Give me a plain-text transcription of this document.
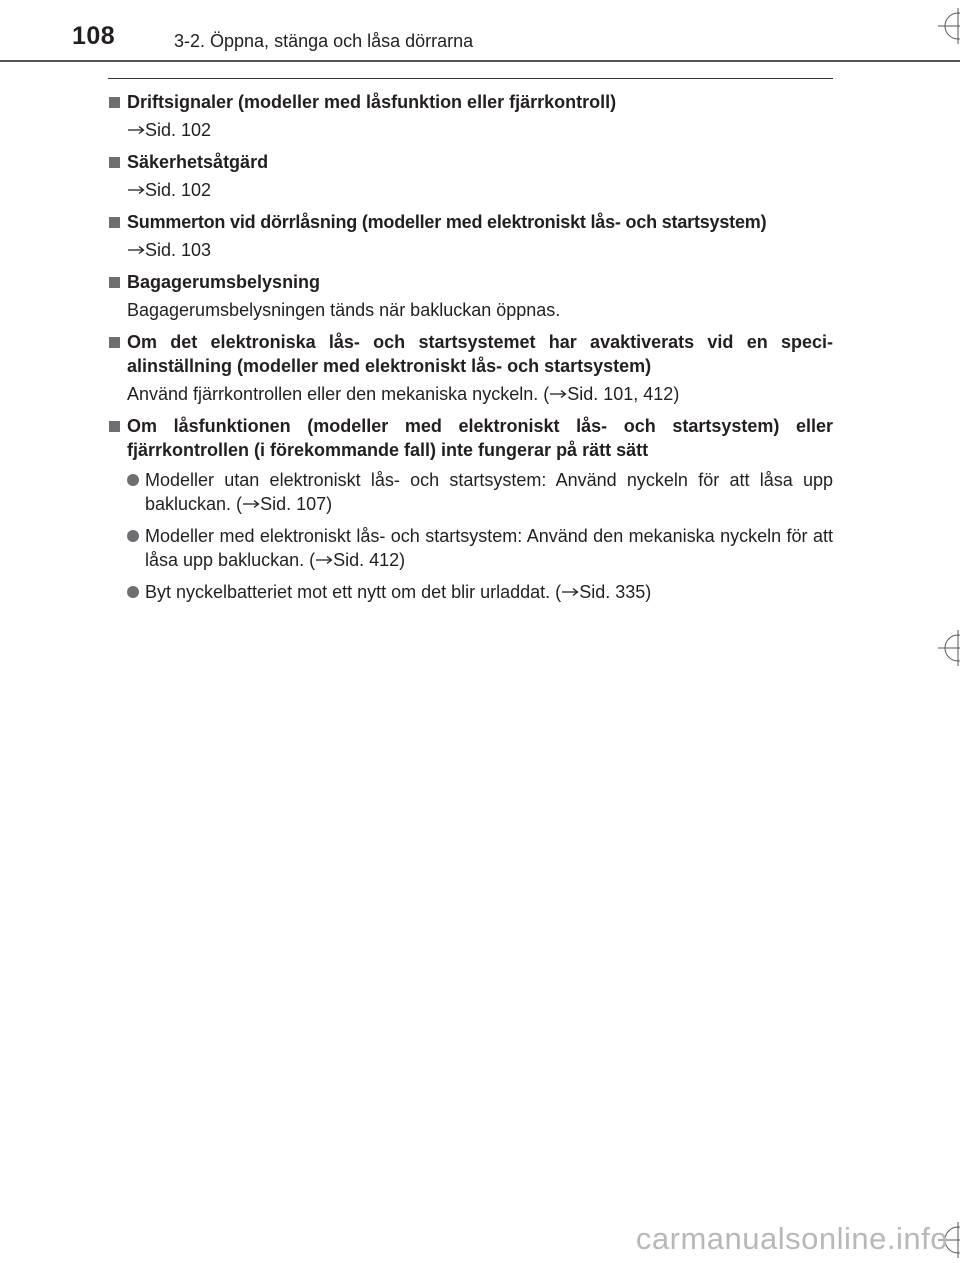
108	3-2. Öppna, stänga och låsa dörrarna
Driftsignaler (modeller med låsfunktion eller fjärrkontroll)
Sid. 102
Säkerhetsåtgärd
Sid. 102
Summerton vid dörrlåsning (modeller med elektroniskt lås- och startsystem)
Sid. 103
Bagagerumsbelysning
Bagagerumsbelysningen tänds när bakluckan öppnas.
Om det elektroniska lås- och startsystemet har avaktiverats vid en speci-alinställning (modeller med elektroniskt lås- och startsystem)
Använd fjärrkontrollen eller den mekaniska nyckeln. ( Sid. 101, 412)
Om låsfunktionen (modeller med elektroniskt lås- och startsystem) eller fjärrkontrollen (i förekommande fall) inte fungerar på rätt sätt
Modeller utan elektroniskt lås- och startsystem: Använd nyckeln för att låsa upp bakluckan. ( Sid. 107)
Modeller med elektroniskt lås- och startsystem: Använd den mekaniska nyckeln för att låsa upp bakluckan. ( Sid. 412)
Byt nyckelbatteriet mot ett nytt om det blir urladdat. ( Sid. 335)
carmanualsonline.info
